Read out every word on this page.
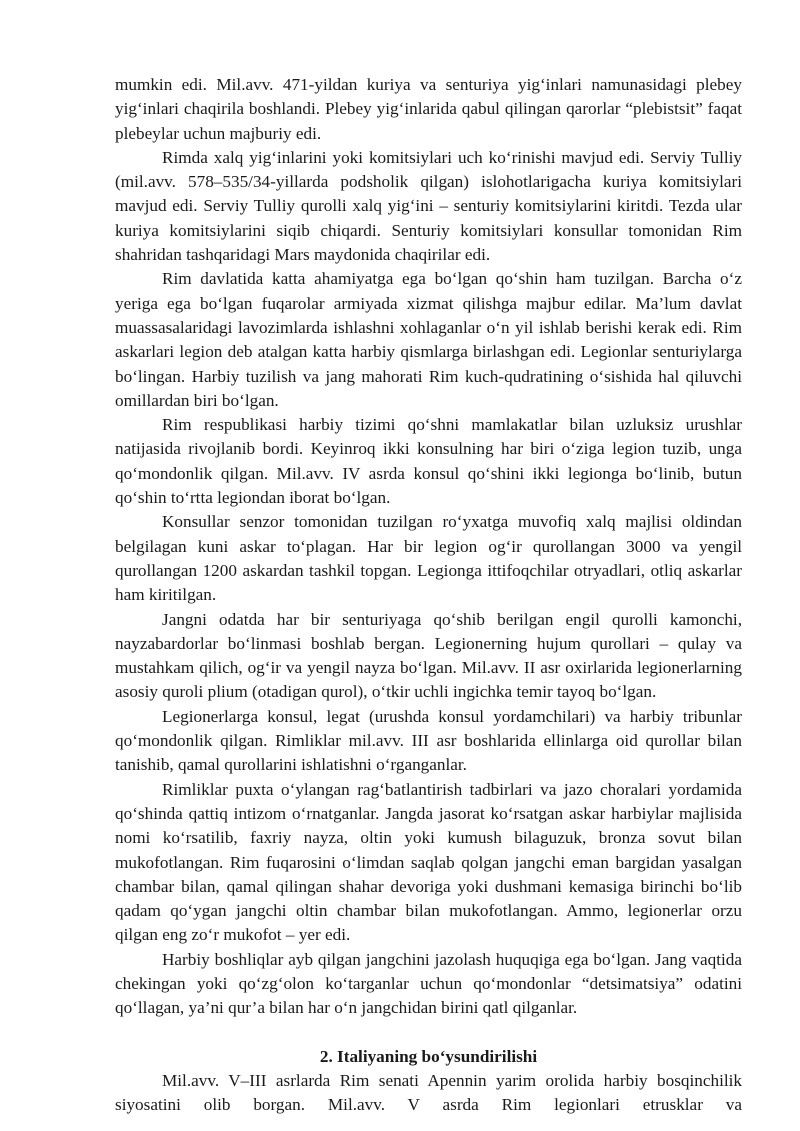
mumkin edi. Mil.avv. 471-yildan kuriya va senturiya yig‘inlari namunasidagi plebey yig‘inlari chaqirila boshlandi. Plebey yig‘inlarida qabul qilingan qarorlar “plebistsit” faqat plebeylar uchun majburiy edi.

Rimda xalq yig‘inlarini yoki komitsiylari uch ko‘rinishi mavjud edi. Serviy Tulliy (mil.avv. 578–535/34-yillarda podsholik qilgan) islohotlarigacha kuriya komitsiylari mavjud edi. Serviy Tulliy qurolli xalq yig‘ini – senturiy komitsiylarini kiritdi. Tezda ular kuriya komitsiylarini siqib chiqardi. Senturiy komitsiylari konsullar tomonidan Rim shahridan tashqaridagi Mars maydonida chaqirilar edi.

Rim davlatida katta ahamiyatga ega bo‘lgan qo‘shin ham tuzilgan. Barcha o‘z yeriga ega bo‘lgan fuqarolar armiyada xizmat qilishga majbur edilar. Ma’lum davlat muassasalaridagi lavozimlarda ishlashni xohlaganlar o‘n yil ishlab berishi kerak edi. Rim askarlari legion deb atalgan katta harbiy qismlarga birlashgan edi. Legionlar senturiylarga bo‘lingan. Harbiy tuzilish va jang mahorati Rim kuch-qudratining o‘sishida hal qiluvchi omillardan biri bo‘lgan.

Rim respublikasi harbiy tizimi qo‘shni mamlakatlar bilan uzluksiz urushlar natijasida rivojlanib bordi. Keyinroq ikki konsulning har biri o‘ziga legion tuzib, unga qo‘mondonlik qilgan. Mil.avv. IV asrda konsul qo‘shini ikki legionga bo‘linib, butun qo‘shin to‘rtta legiondan iborat bo‘lgan.

Konsullar senzor tomonidan tuzilgan ro‘yxatga muvofiq xalq majlisi oldindan belgilagan kuni askar to‘plagan. Har bir legion og‘ir qurollangan 3000 va yengil qurollangan 1200 askardan tashkil topgan. Legionga ittifoqchilar otryadlari, otliq askarlar ham kiritilgan.

Jangni odatda har bir senturiyaga qo‘shib berilgan engil qurolli kamonchi, nayzabardorlar bo‘linmasi boshlab bergan. Legionerning hujum qurollari – qulay va mustahkam qilich, og‘ir va yengil nayza bo‘lgan. Mil.avv. II asr oxirlarida legionerlarning asosiy quroli plium (otadigan qurol), o‘tkir uchli ingichka temir tayoq bo‘lgan.

Legionerlarga konsul, legat (urushda konsul yordamchilari) va harbiy tribunlar qo‘mondonlik qilgan. Rimliklar mil.avv. III asr boshlarida ellinlarga oid qurollar bilan tanishib, qamal qurollarini ishlatishni o‘rganganlar.

Rimliklar puxta o‘ylangan rag‘batlantirish tadbirlari va jazo choralari yordamida qo‘shinda qattiq intizom o‘rnatganlar. Jangda jasorat ko‘rsatgan askar harbiylar majlisida nomi ko‘rsatilib, faxriy nayza, oltin yoki kumush bilaguzuk, bronza sovut bilan mukofotlangan. Rim fuqarosini o‘limdan saqlab qolgan jangchi eman bargidan yasalgan chambar bilan, qamal qilingan shahar devoriga yoki dushmani kemasiga birinchi bo‘lib qadam qo‘ygan jangchi oltin chambar bilan mukofotlangan. Ammo, legionerlar orzu qilgan eng zo‘r mukofot – yer edi.

Harbiy boshliqlar ayb qilgan jangchini jazolash huquqiga ega bo‘lgan. Jang vaqtida chekingan yoki qo‘zg‘olon ko‘targanlar uchun qo‘mondonlar “detsimatsiya” odatini qo‘llagan, ya’ni qur’a bilan har o‘n jangchidan birini qatl qilganlar.

2. Italiyaning bo‘ysundirilishi

Mil.avv. V–III asrlarda Rim senati Apennin yarim orolida harbiy bosqinchilik siyosatini olib borgan. Mil.avv. V asrda Rim legionlari etrusklar va
